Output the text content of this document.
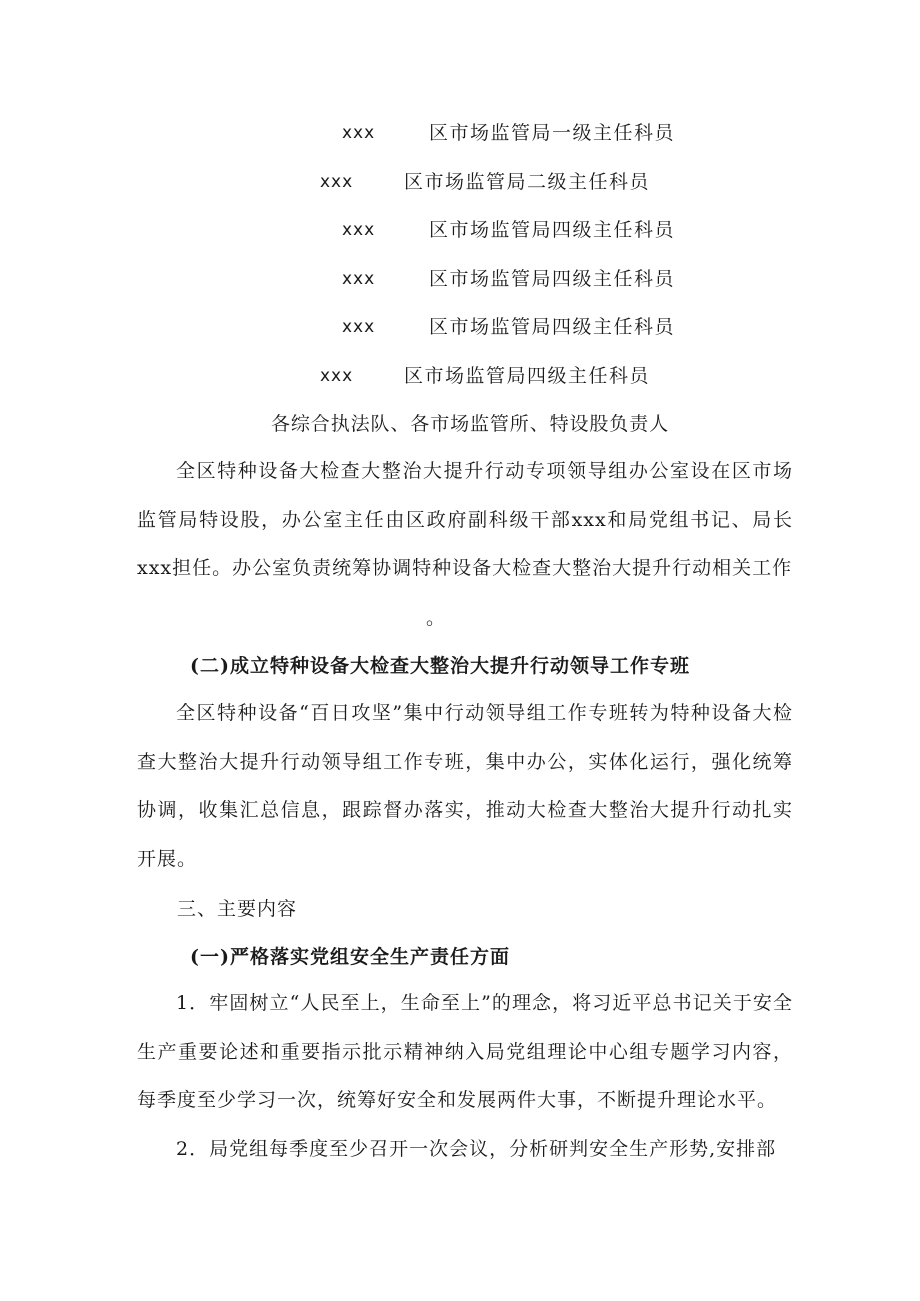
xxx	区市场监管局一级主任科员
xxx	区市场监管局二级主任科员
xxx	区市场监管局四级主任科员
xxx	区市场监管局四级主任科员
xxx	区市场监管局四级主任科员
xxx	区市场监管局四级主任科员
各综合执法队、各市场监管所、特设股负责人

全区特种设备大检查大整治大提升行动专项领导组办公室设在区市场监管局特设股，办公室主任由区政府副科级干部xxx和局党组书记、局长xxx担任。办公室负责统筹协调特种设备大检查大整治大提升行动相关工作

。
(二)成立特种设备大检查大整治大提升行动领导工作专班

全区特种设备“百日攻坚”集中行动领导组工作专班转为特种设备大检查大整治大提升行动领导组工作专班，集中办公，实体化运行，强化统筹协调，收集汇总信息，跟踪督办落实，推动大检查大整治大提升行动扎实开展。

三、主要内容
(一)严格落实党组安全生产责任方面

1．牢固树立“人民至上，生命至上”的理念，将习近平总书记关于安全生产重要论述和重要指示批示精神纳入局党组理论中心组专题学习内容，每季度至少学习一次，统筹好安全和发展两件大事，不断提升理论水平。

2．局党组每季度至少召开一次会议，分析研判安全生产形势,安排部
